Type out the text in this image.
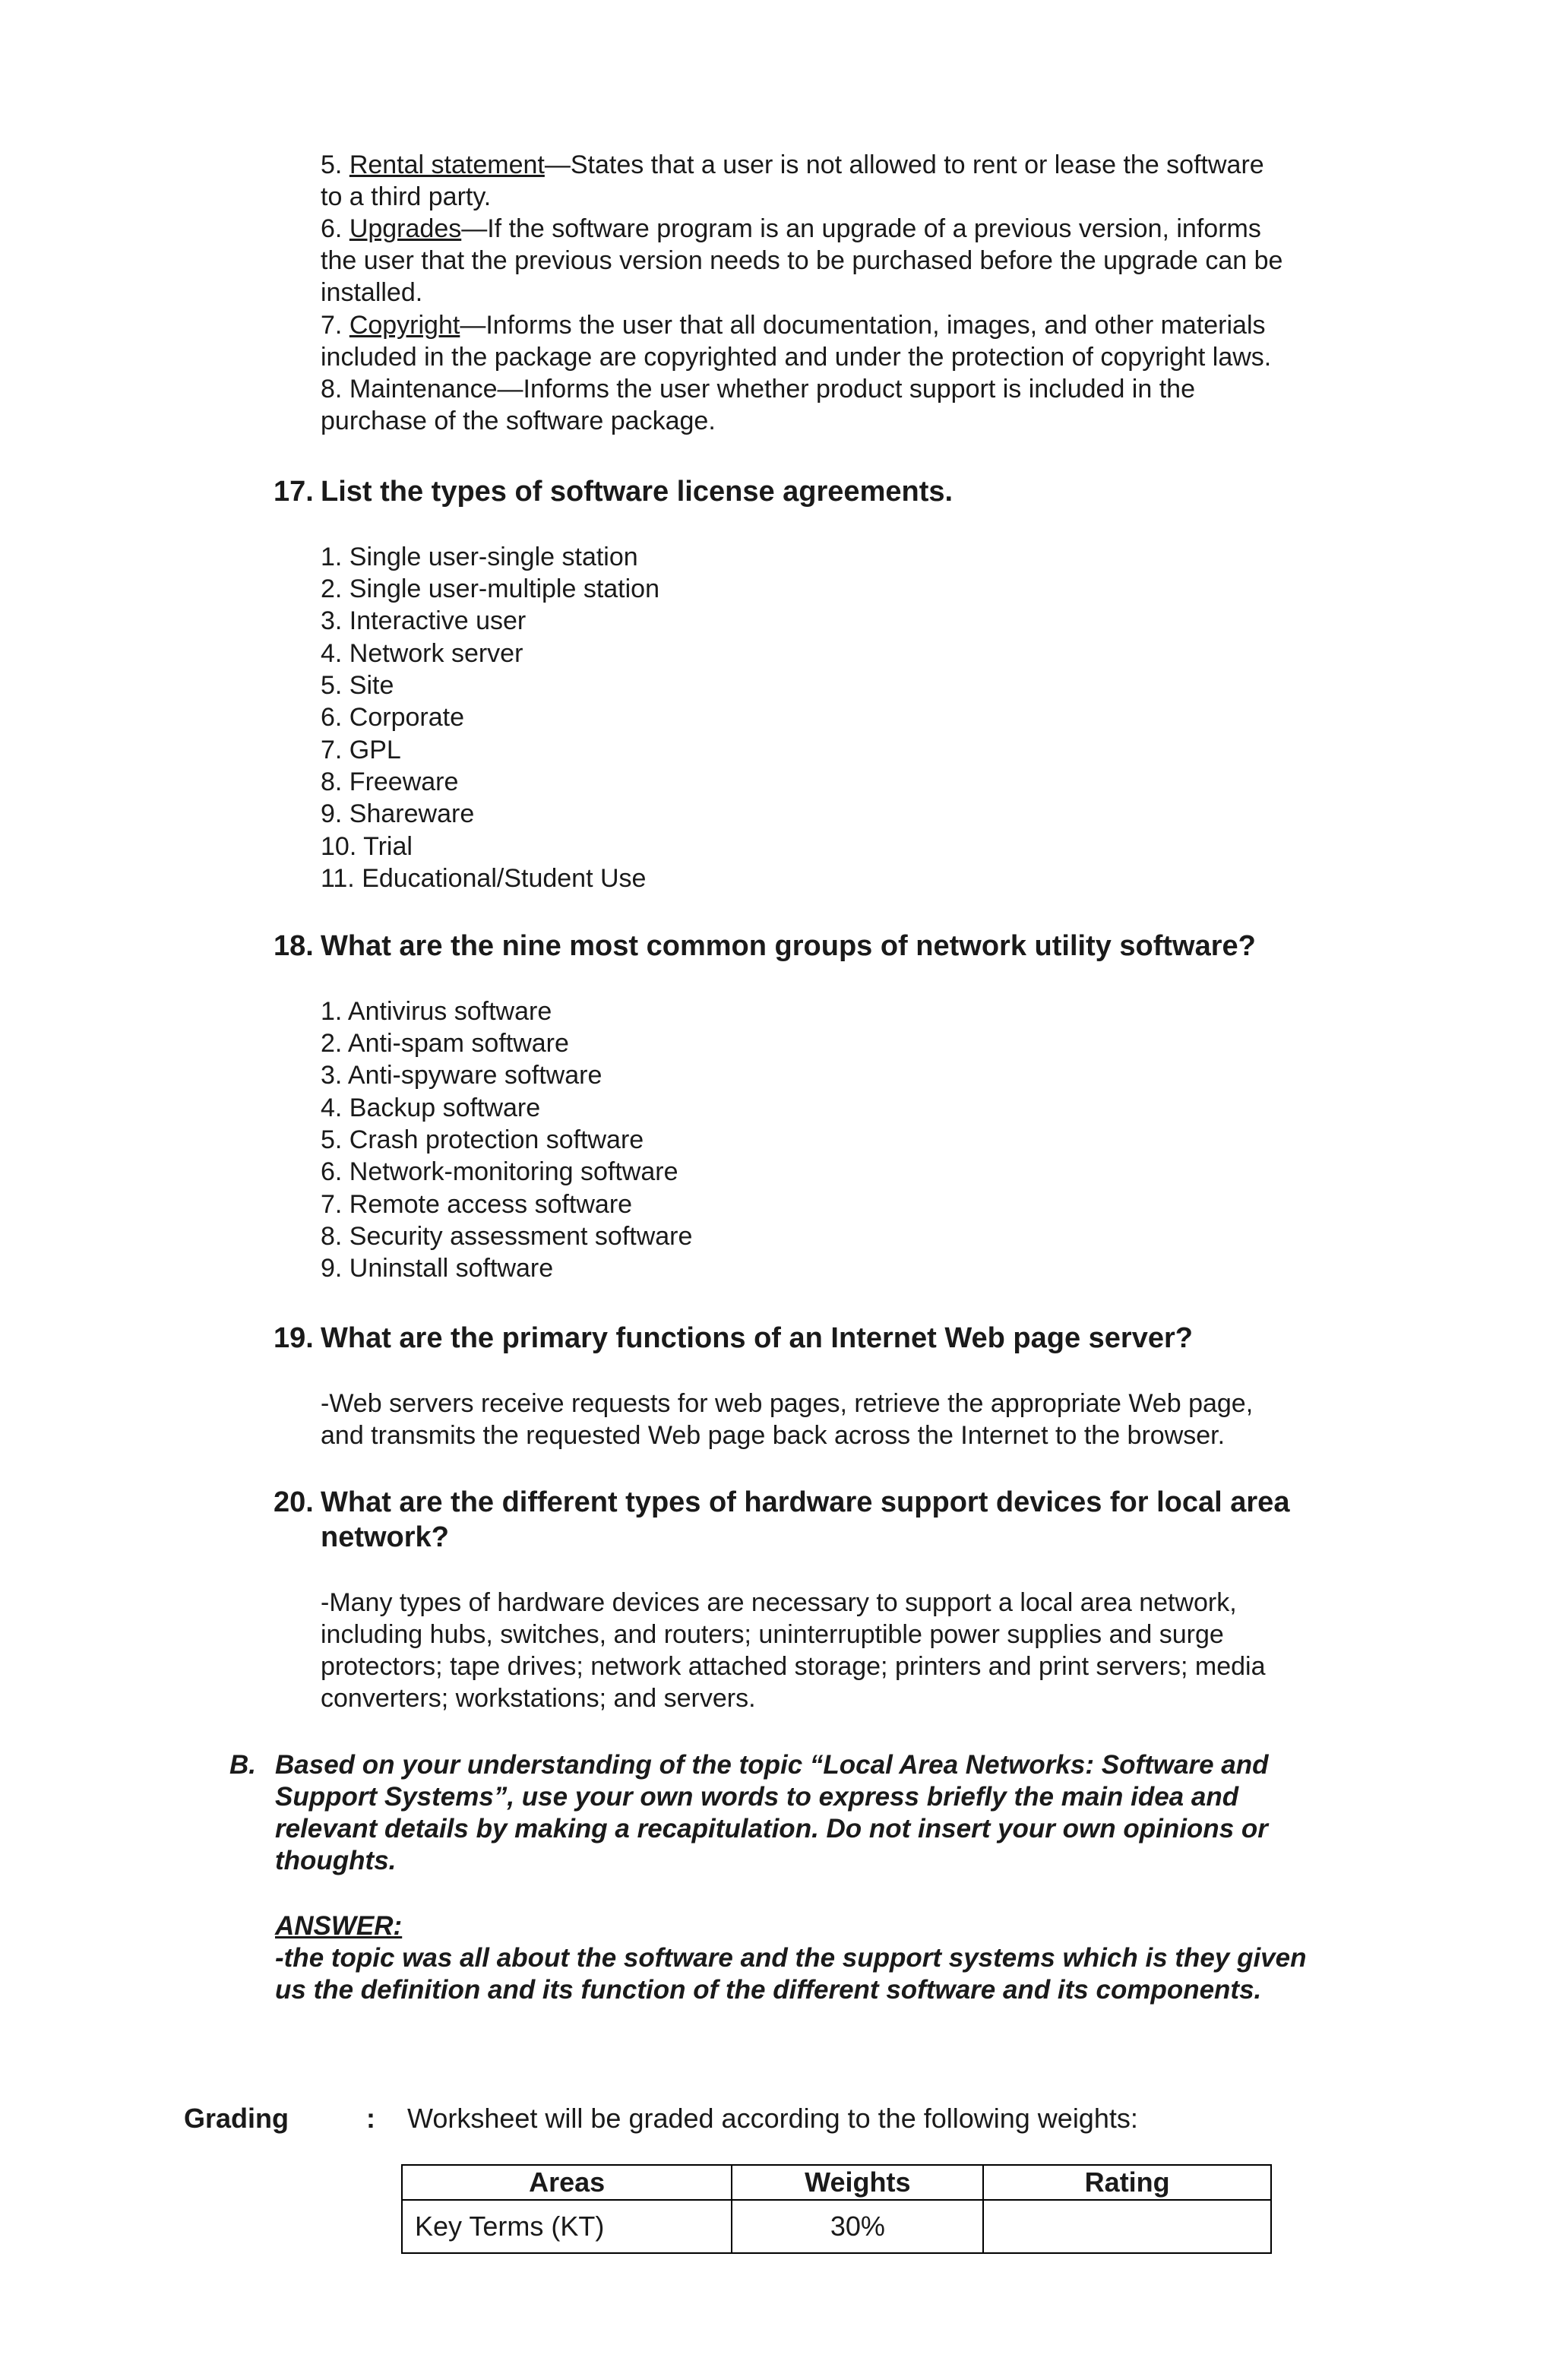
5. Rental statement—States that a user is not allowed to rent or lease the software
to a third party.
6. Upgrades—If the software program is an upgrade of a previous version, informs
the user that the previous version needs to be purchased before the upgrade can be
installed.
7. Copyright—Informs the user that all documentation, images, and other materials
included in the package are copyrighted and under the protection of copyright laws.
8. Maintenance—Informs the user whether product support is included in the
purchase of the software package.
17. List the types of software license agreements.
1. Single user-single station
2. Single user-multiple station
3. Interactive user
4. Network server
5. Site
6. Corporate
7. GPL
8. Freeware
9. Shareware
10. Trial
11. Educational/Student Use
18. What are the nine most common groups of network utility software?
1. Antivirus software
2. Anti-spam software
3. Anti-spyware software
4. Backup software
5. Crash protection software
6. Network-monitoring software
7. Remote access software
8. Security assessment software
9. Uninstall software
19. What are the primary functions of an Internet Web page server?
-Web servers receive requests for web pages, retrieve the appropriate Web page,
and transmits the requested Web page back across the Internet to the browser.
20. What are the different types of hardware support devices for local area
network?
-Many types of hardware devices are necessary to support a local area network,
including hubs, switches, and routers; uninterruptible power supplies and surge
protectors; tape drives; network attached storage; printers and print servers; media
converters; workstations; and servers.
B. Based on your understanding of the topic “Local Area Networks: Software and
Support Systems”, use your own words to express briefly the main idea and
relevant details by making a recapitulation. Do not insert your own opinions or
thoughts.
ANSWER:
-the topic was all about the software and the support systems which is they given
us the definition and its function of the different software and its components.
Grading	: Worksheet will be graded according to the following weights:
Areas	Weights	Rating
Key Terms (KT)	30%	
